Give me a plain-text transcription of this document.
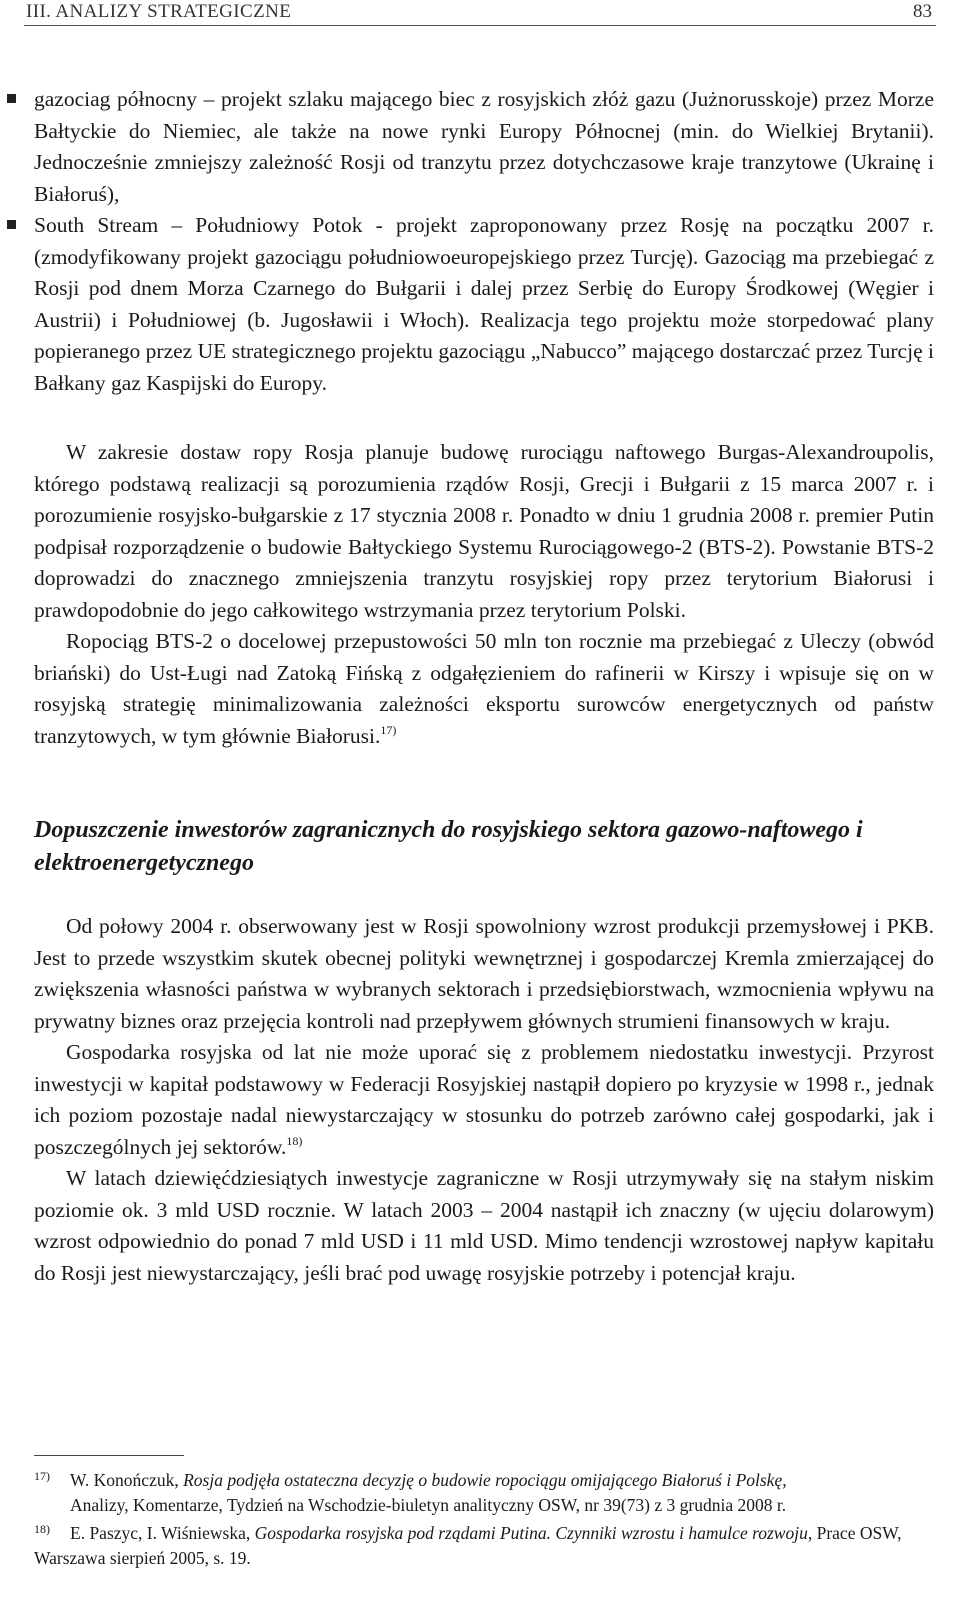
III. ANALIZY STRATEGICZNE	83
gazociag północny – projekt szlaku mającego biec z rosyjskich złóż gazu (Jużnorusskoje) przez Morze Bałtyckie do Niemiec, ale także na nowe rynki Europy Północnej (min. do Wielkiej Brytanii). Jednocześnie zmniejszy zależność Rosji od tranzytu przez dotychczasowe kraje tranzytowe (Ukrainę i Białoruś),
South Stream – Południowy Potok - projekt zaproponowany przez Rosję na początku 2007 r. (zmodyfikowany projekt gazociągu południowoeuropejskiego przez Turcję). Gazociąg ma przebiegać z Rosji pod dnem Morza Czarnego do Bułgarii i dalej przez Serbię do Europy Środkowej (Węgier i Austrii) i Południowej (b. Jugosławii i Włoch). Realizacja tego projektu może storpedować plany popieranego przez UE strategicznego projektu gazociągu „Nabucco” mającego dostarczać przez Turcję i Bałkany gaz Kaspijski do Europy.

W zakresie dostaw ropy Rosja planuje budowę rurociągu naftowego Burgas-Alexandroupolis, którego podstawą realizacji są porozumienia rządów Rosji, Grecji i Bułgarii z 15 marca 2007 r. i porozumienie rosyjsko-bułgarskie z 17 stycznia 2008 r. Ponadto w dniu 1 grudnia 2008 r. premier Putin podpisał rozporządzenie o budowie Bałtyckiego Systemu Rurociągowego-2 (BTS-2). Powstanie BTS-2 doprowadzi do znacznego zmniejszenia tranzytu rosyjskiej ropy przez terytorium Białorusi i prawdopodobnie do jego całkowitego wstrzymania przez terytorium Polski.

Ropociąg BTS-2 o docelowej przepustowości 50 mln ton rocznie ma przebiegać z Uleczy (obwód briański) do Ust-Ługi nad Zatoką Fińską z odgałęzieniem do rafinerii w Kirszy i wpisuje się on w rosyjską strategię minimalizowania zależności eksportu surowców energetycznych od państw tranzytowych, w tym głównie Białorusi.$^{17)}$

Dopuszczenie inwestorów zagranicznych do rosyjskiego sektora gazowo-naftowego i elektroenergetycznego

Od połowy 2004 r. obserwowany jest w Rosji spowolniony wzrost produkcji przemysłowej i PKB. Jest to przede wszystkim skutek obecnej polityki wewnętrznej i gospodarczej Kremla zmierzającej do zwiększenia własności państwa w wybranych sektorach i przedsiębiorstwach, wzmocnienia wpływu na prywatny biznes oraz przejęcia kontroli nad przepływem głównych strumieni finansowych w kraju.

Gospodarka rosyjska od lat nie może uporać się z problemem niedostatku inwestycji. Przyrost inwestycji w kapitał podstawowy w Federacji Rosyjskiej nastąpił dopiero po kryzysie w 1998 r., jednak ich poziom pozostaje nadal niewystarczający w stosunku do potrzeb zarówno całej gospodarki, jak i poszczególnych jej sektorów.$^{18)}$

W latach dziewięćdziesiątych inwestycje zagraniczne w Rosji utrzymywały się na stałym niskim poziomie ok. 3 mld USD rocznie. W latach 2003 – 2004 nastąpił ich znaczny (w ujęciu dolarowym) wzrost odpowiednio do ponad 7 mld USD i 11 mld USD. Mimo tendencji wzrostowej napływ kapitału do Rosji jest niewystarczający, jeśli brać pod uwagę rosyjskie potrzeby i potencjał kraju.

17) W. Konończuk, Rosja podjęła ostateczna decyzję o budowie ropociągu omijającego Białoruś i Polskę,
Analizy, Komentarze, Tydzień na Wschodzie-biuletyn analityczny OSW, nr 39(73) z 3 grudnia 2008 r.

18) E. Paszyc, I. Wiśniewska, Gospodarka rosyjska pod rządami Putina. Czynniki wzrostu i hamulce rozwoju, Prace OSW, Warszawa sierpień 2005, s. 19.
